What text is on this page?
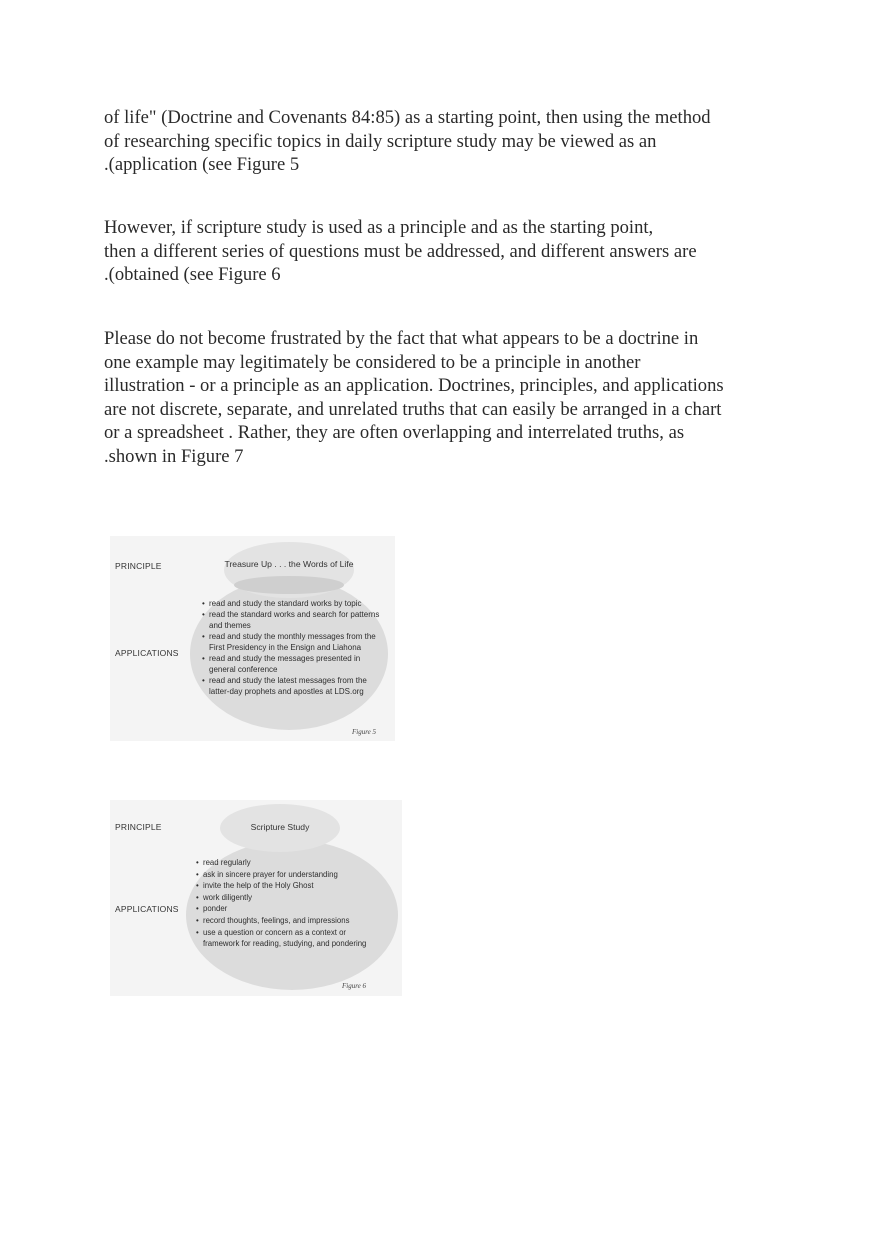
of life" (Doctrine and Covenants 84:85) as a starting point, then using the method
of researching specific topics in daily scripture study may be viewed as an
.(application (see Figure 5

However, if scripture study is used as a principle and as the starting point,
then a different series of questions must be addressed, and different answers are
.(obtained (see Figure 6

Please do not become frustrated by the fact that what appears to be a doctrine in
one example may legitimately be considered to be a principle in another
illustration - or a principle as an application. Doctrines, principles, and applications
are not discrete, separate, and unrelated truths that can easily be arranged in a chart
or a spreadsheet . Rather, they are often overlapping and interrelated truths, as
.shown in Figure 7

PRINCIPLE
APPLICATIONS
Treasure Up . . . the Words of Life
• read and study the standard works by topic
• read the standard works and search for patterns
and themes
• read and study the monthly messages from the
First Presidency in the Ensign and Liahona
• read and study the messages presented in
general conference
• read and study the latest messages from the
latter-day prophets and apostles at LDS.org
Figure 5
PRINCIPLE
APPLICATIONS
Scripture Study
• read regularly
• ask in sincere prayer for understanding
• invite the help of the Holy Ghost
• work diligently
• ponder
• record thoughts, feelings, and impressions
• use a question or concern as a context or
framework for reading, studying, and pondering
Figure 6
